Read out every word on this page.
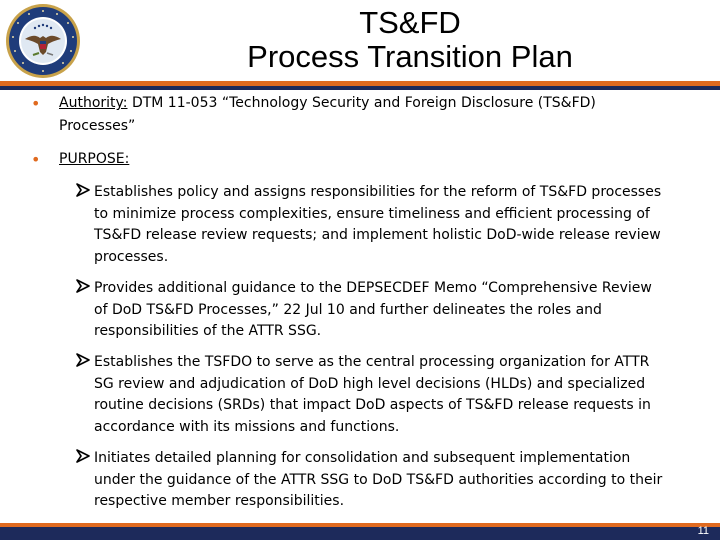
TS&FD
Process Transition Plan
• Authority: DTM 11-053 “Technology Security and Foreign Disclosure (TS&FD)
Processes”
• PURPOSE:
Establishes policy and assigns responsibilities for the reform of TS&FD processes
to minimize process complexities, ensure timeliness and efficient processing of
TS&FD release review requests; and implement holistic DoD-wide release review
processes.
Provides additional guidance to the DEPSECDEF Memo “Comprehensive Review
of DoD TS&FD Processes,” 22 Jul 10 and further delineates the roles and
responsibilities of the ATTR SSG.
Establishes the TSFDO to serve as the central processing organization for ATTR
SG review and adjudication of DoD high level decisions (HLDs) and specialized
routine decisions (SRDs) that impact DoD aspects of TS&FD release requests in
accordance with its missions and functions.
Initiates detailed planning for consolidation and subsequent implementation
under the guidance of the ATTR SSG to DoD TS&FD authorities according to their
respective member responsibilities.
11
